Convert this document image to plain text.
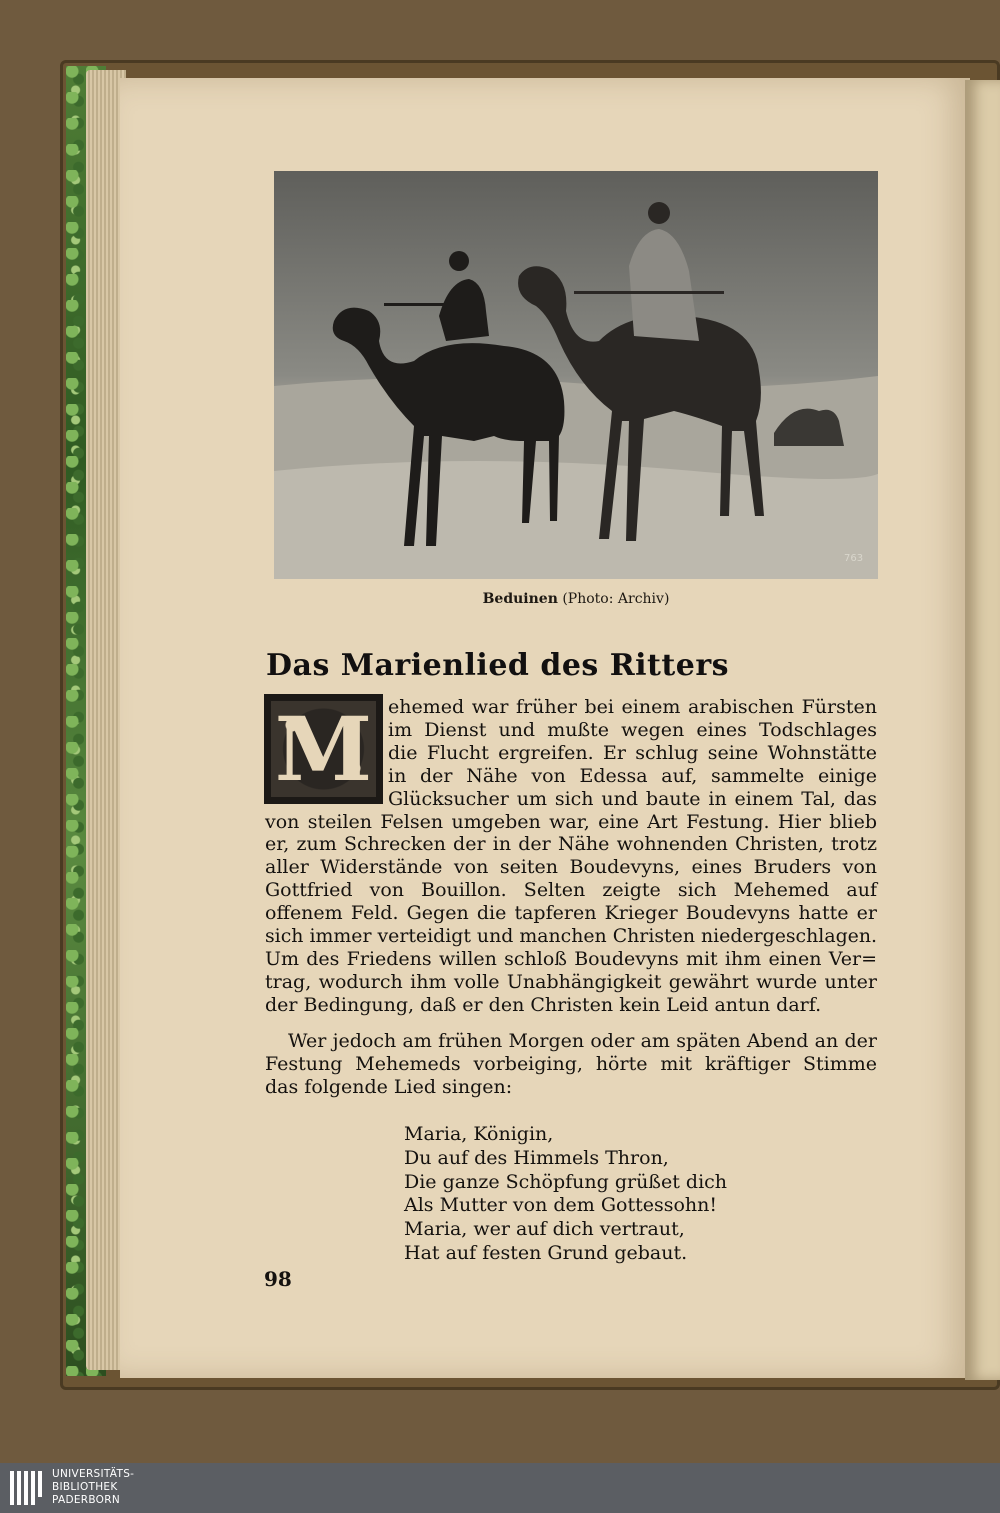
763
Beduinen (Photo: Archiv)
Das Marienlied des Ritters
M ehemed war früher bei einem arabischen Fürsten
im Dienst und mußte wegen eines Todschlages
die Flucht ergreifen. Er schlug seine Wohnstätte
in der Nähe von Edessa auf, sammelte einige
Glücksucher um sich und baute in einem Tal, das
von steilen Felsen umgeben war, eine Art Festung. Hier blieb
er, zum Schrecken der in der Nähe wohnenden Christen, trotz
aller Widerstände von seiten Boudevyns, eines Bruders von
Gottfried von Bouillon. Selten zeigte sich Mehemed auf
offenem Feld. Gegen die tapferen Krieger Boudevyns hatte er
sich immer verteidigt und manchen Christen niedergeschlagen.
Um des Friedens willen schloß Boudevyns mit ihm einen Ver=
trag, wodurch ihm volle Unabhängigkeit gewährt wurde unter
der Bedingung, daß er den Christen kein Leid antun darf.
Wer jedoch am frühen Morgen oder am späten Abend an der
Festung Mehemeds vorbeiging, hörte mit kräftiger Stimme
das folgende Lied singen:
Maria, Königin,
Du auf des Himmels Thron,
Die ganze Schöpfung grüßet dich
Als Mutter von dem Gottessohn!
Maria, wer auf dich vertraut,
Hat auf festen Grund gebaut.
98
UNIVERSITÄTS-
BIBLIOTHEK
PADERBORN
